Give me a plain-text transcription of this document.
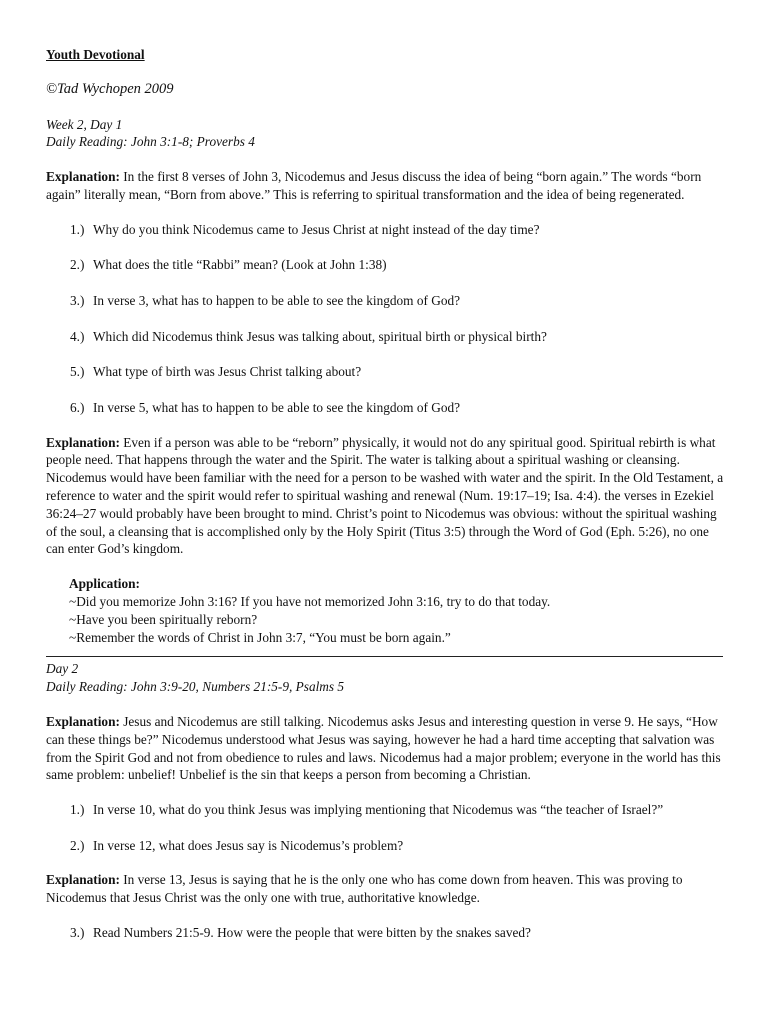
Youth Devotional

©Tad Wychopen 2009

Week 2, Day 1

Daily Reading: John 3:1-8; Proverbs 4

Explanation: In the first 8 verses of John 3, Nicodemus and Jesus discuss the idea of being “born again.” The words “born again” literally mean, “Born from above.” This is referring to spiritual transformation and the idea of being regenerated.

1.) Why do you think Nicodemus came to Jesus Christ at night instead of the day time?
2.) What does the title “Rabbi” mean? (Look at John 1:38)
3.) In verse 3, what has to happen to be able to see the kingdom of God?
4.) Which did Nicodemus think Jesus was talking about, spiritual birth or physical birth?
5.) What type of birth was Jesus Christ talking about?
6.) In verse 5, what has to happen to be able to see the kingdom of God?

Explanation: Even if a person was able to be “reborn” physically, it would not do any spiritual good. Spiritual rebirth is what people need. That happens through the water and the Spirit. The water is talking about a spiritual washing or cleansing. Nicodemus would have been familiar with the need for a person to be washed with water and the spirit. In the Old Testament, a reference to water and the spirit would refer to spiritual washing and renewal (Num. 19:17–19; Isa. 4:4). the verses in Ezekiel 36:24–27 would probably have been brought to mind. Christ’s point to Nicodemus was obvious: without the spiritual washing of the soul, a cleansing that is accomplished only by the Holy Spirit (Titus 3:5) through the Word of God (Eph. 5:26), no one can enter God’s kingdom.

Application:
~Did you memorize John 3:16? If you have not memorized John 3:16, try to do that today.
~Have you been spiritually reborn?
~Remember the words of Christ in John 3:7, “You must be born again.”

Day 2

Daily Reading: John 3:9-20, Numbers 21:5-9, Psalms 5

Explanation: Jesus and Nicodemus are still talking. Nicodemus asks Jesus and interesting question in verse 9. He says, “How can these things be?” Nicodemus understood what Jesus was saying, however he had a hard time accepting that salvation was from the Spirit God and not from obedience to rules and laws. Nicodemus had a major problem; everyone in the world has this same problem: unbelief! Unbelief is the sin that keeps a person from becoming a Christian.

1.) In verse 10, what do you think Jesus was implying mentioning that Nicodemus was “the teacher of Israel?”
2.) In verse 12, what does Jesus say is Nicodemus’s problem?

Explanation: In verse 13, Jesus is saying that he is the only one who has come down from heaven. This was proving to Nicodemus that Jesus Christ was the only one with true, authoritative knowledge.

3.) Read Numbers 21:5-9. How were the people that were bitten by the snakes saved?
